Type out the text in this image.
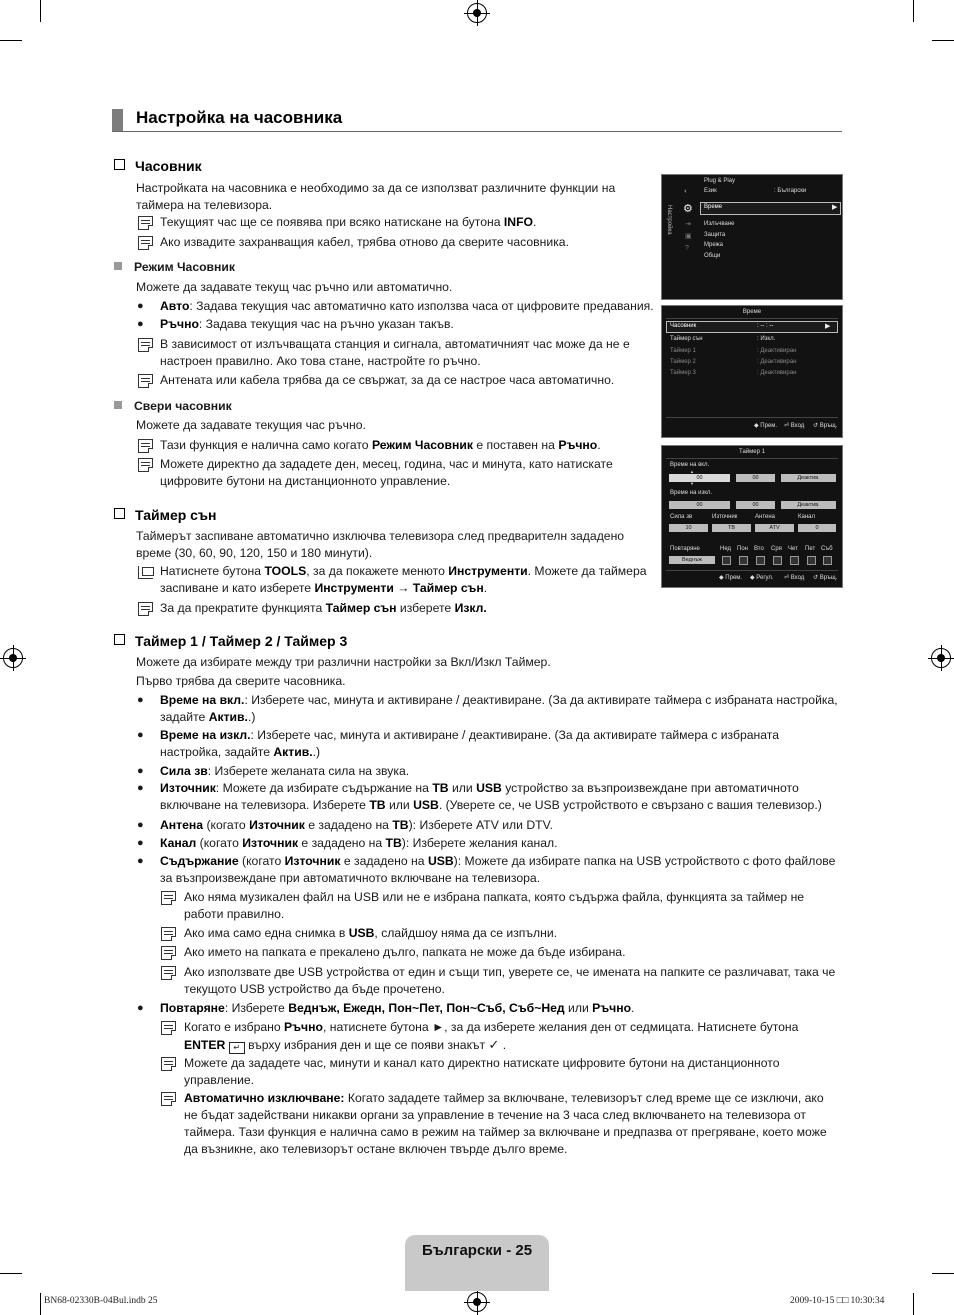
Настройка на часовника
Часовник
Настройката на часовника е необходимо за да се използват различните функции на таймера на телевизора.
Текущият час ще се появява при всяко натискане на бутона INFO.
Ако извадите захранващия кабел, трябва отново да сверите часовника.
Режим Часовник
Можете да задавате текущ час ръчно или автоматично.
● Авто: Задава текущия час автоматично като използва часа от цифровите предавания.
● Ръчно: Задава текущия час на ръчно указан такъв.
В зависимост от излъчващата станция и сигнала, автоматичният час може да не е настроен правилно. Ако това стане, настройте го ръчно.
Антената или кабела трябва да се свържат, за да се настрое часа автоматично.
Свери часовник
Можете да задавате текущия час ръчно.
Тази функция е налична само когато Режим Часовник е поставен на Ръчно.
Можете директно да зададете ден, месец, година, час и минута, като натискате цифровите бутони на дистанционното управление.
Таймер сън
Таймерът заспиване автоматично изключва телевизора след предварителн зададено време (30, 60, 90, 120, 150 и 180 минути).
Натиснете бутона TOOLS, за да покажете менюто Инструменти. Можете да таймера заспиване и като изберете Инструменти → Таймер сън.
За да прекратите функцията Таймер сън изберете Изкл.
Таймер 1 / Таймер 2 / Таймер 3
Можете да избирате между три различни настройки за Вкл/Изкл Таймер.
Първо трябва да сверите часовника.
● Време на вкл.: Изберете час, минута и активиране / деактивиране. (За да активирате таймера с избраната настройка, задайте Актив..)
● Време на изкл.: Изберете час, минута и активиране / деактивиране. (За да активирате таймера с избраната настройка, задайте Актив..)
● Сила зв: Изберете желаната сила на звука.
● Източник: Можете да избирате съдържание на ТВ или USB устройство за възпроизвеждане при автоматичното включване на телевизора. Изберете ТВ или USB. (Уверете се, че USB устройството е свързано с вашия телевизор.)
● Антена (когато Източник е зададено на ТВ): Изберете ATV или DTV.
● Канал (когато Източник е зададено на ТВ): Изберете желания канал.
● Съдържание (когато Източник е зададено на USB): Можете да избирате папка на USB устройството с фото файлове за възпроизвеждане при автоматичното включване на телевизора.
Ако няма музикален файл на USB или не е избрана папката, която съдържа файла, функцията за таймер не работи правилно.
Ако има само една снимка в USB, слайдшоу няма да се изпълни.
Ако името на папката е прекалено дълго, папката не може да бъде избирана.
Ако използвате две USB устройства от един и същи тип, уверете се, че имената на папките се различават, така че текущото USB устройство да бъде прочетено.
● Повтаряне: Изберете Веднъж, Ежедн, Пон~Пет, Пон~Съб, Съб~Нед или Ръчно.
Когато е избрано Ръчно, натиснете бутона ►, за да изберете желания ден от седмицата. Натиснете бутона ENTER ↵ върху избрания ден и ще се появи знакът ✓ .
Можете да зададете час, минути и канал като директно натискате цифровите бутони на дистанционното управление.
Автоматично изключване: Когато зададете таймер за включване, телевизорът след време ще се изключи, ако не бъдат задействани никакви органи за управление в течение на 3 часа след включването на телевизора от таймера. Тази функция е налична само в режим на таймер за включване и предпазва от прегряване, което може да възникне, ако телевизорът остане включен твърде дълго време.
Настройка
◐
⚙
⇥
▣
?
Plug & Play
Език	: Български
Време	▶
Излъчване
Защита
Мрежа
Общи
Време
Часовник	: -- : --	▶
Таймер сън	: Изкл.
Таймер 1	: Деактивиран
Таймер 2	: Деактивиран
Таймер 3	: Деактивиран
◆ Прем. ⏎ Вход ↺ Връщ.
Таймер 1
Време на вкл.
▲
00
▼
00	Деактив.
Време на изкл.
00	00	Деактив.
Сила зв	Източник	Антена	Канал
10	ТВ	ATV	0
Повтаряне
Веднъж
Нед Пон Вто Сря Чет Пет Съб
◆ Прем. ◆ Регул. ⏎ Вход ↺ Връщ.
Български - 25
BN68-02330B-04Bul.indb 25	2009-10-15 □□ 10:30:34
